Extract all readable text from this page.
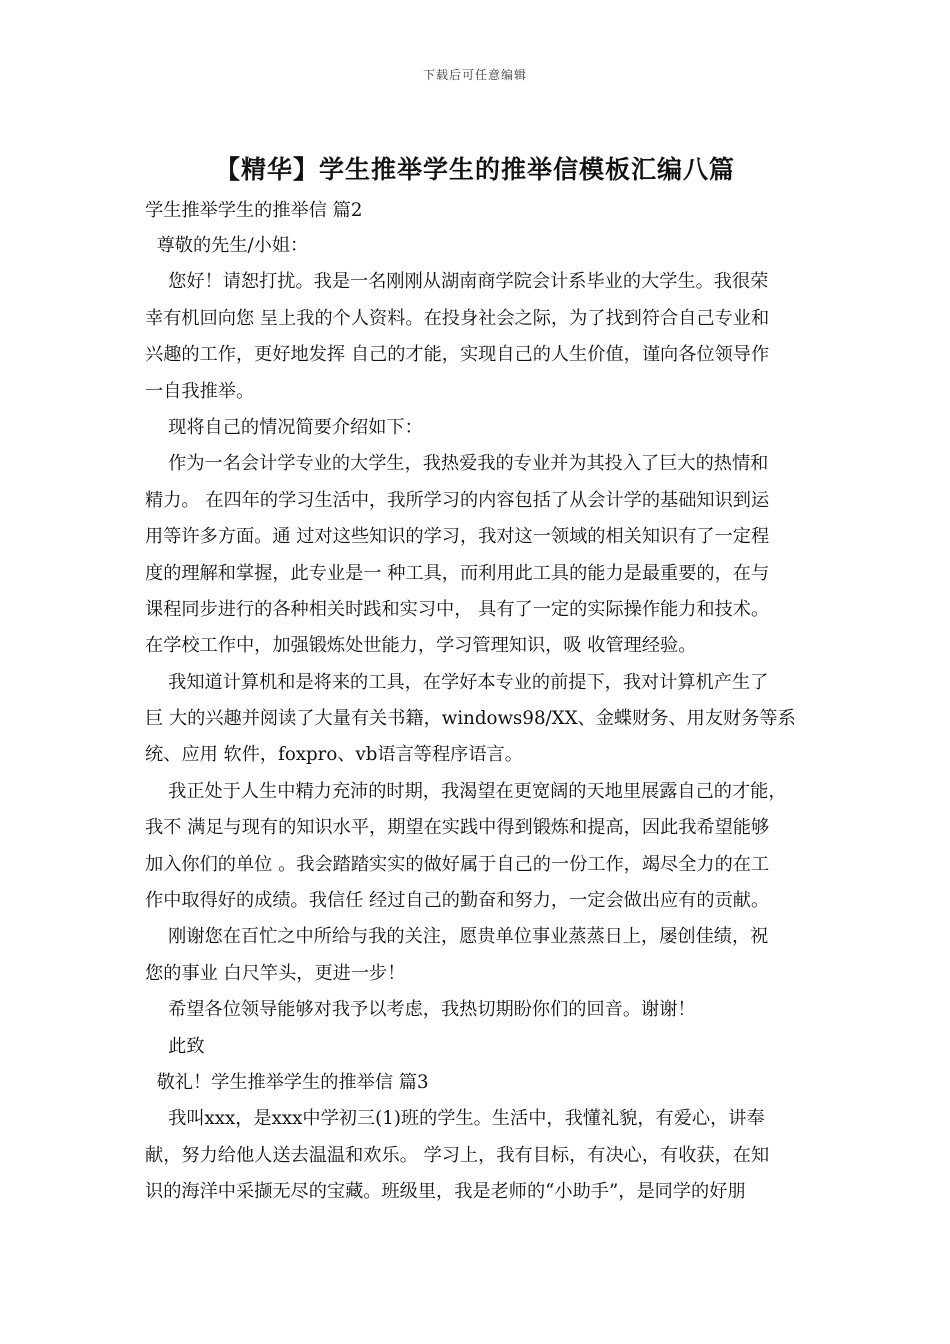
下载后可任意编辑
【精华】学生推举学生的推举信模板汇编八篇
学生推举学生的推举信 篇2
尊敬的先生/小姐：
您好！请恕打扰。我是一名刚刚从湖南商学院会计系毕业的大学生。我很荣
幸有机回向您 呈上我的个人资料。在投身社会之际，为了找到符合自己专业和
兴趣的工作，更好地发挥 自己的才能，实现自己的人生价值，谨向各位领导作
一自我推举。
现将自己的情况简要介绍如下：
作为一名会计学专业的大学生，我热爱我的专业并为其投入了巨大的热情和
精力。 在四年的学习生活中，我所学习的内容包括了从会计学的基础知识到运
用等许多方面。通 过对这些知识的学习，我对这一领域的相关知识有了一定程
度的理解和掌握，此专业是一 种工具，而利用此工具的能力是最重要的，在与
课程同步进行的各种相关时践和实习中， 具有了一定的实际操作能力和技术。
在学校工作中，加强锻炼处世能力，学习管理知识，吸 收管理经验。
我知道计算机和是将来的工具，在学好本专业的前提下，我对计算机产生了
巨 大的兴趣并阅读了大量有关书籍，windows98/XX、金蝶财务、用友财务等系
统、应用 软件，foxpro、vb语言等程序语言。
我正处于人生中精力充沛的时期，我渴望在更宽阔的天地里展露自己的才能，
我不 满足与现有的知识水平，期望在实践中得到锻炼和提高，因此我希望能够
加入你们的单位 。我会踏踏实实的做好属于自己的一份工作，竭尽全力的在工
作中取得好的成绩。我信任 经过自己的勤奋和努力，一定会做出应有的贡献。
刚谢您在百忙之中所给与我的关注，愿贵单位事业蒸蒸日上，屡创佳绩，祝
您的事业 白尺竿头，更进一步！
希望各位领导能够对我予以考虑，我热切期盼你们的回音。谢谢！
此致
敬礼！学生推举学生的推举信 篇3
我叫xxx，是xxx中学初三(1)班的学生。生活中，我懂礼貌，有爱心，讲奉
献，努力给他人送去温温和欢乐。 学习上，我有目标，有决心，有收获，在知
识的海洋中采撷无尽的宝藏。班级里，我是老师的“小助手”，是同学的好朋
